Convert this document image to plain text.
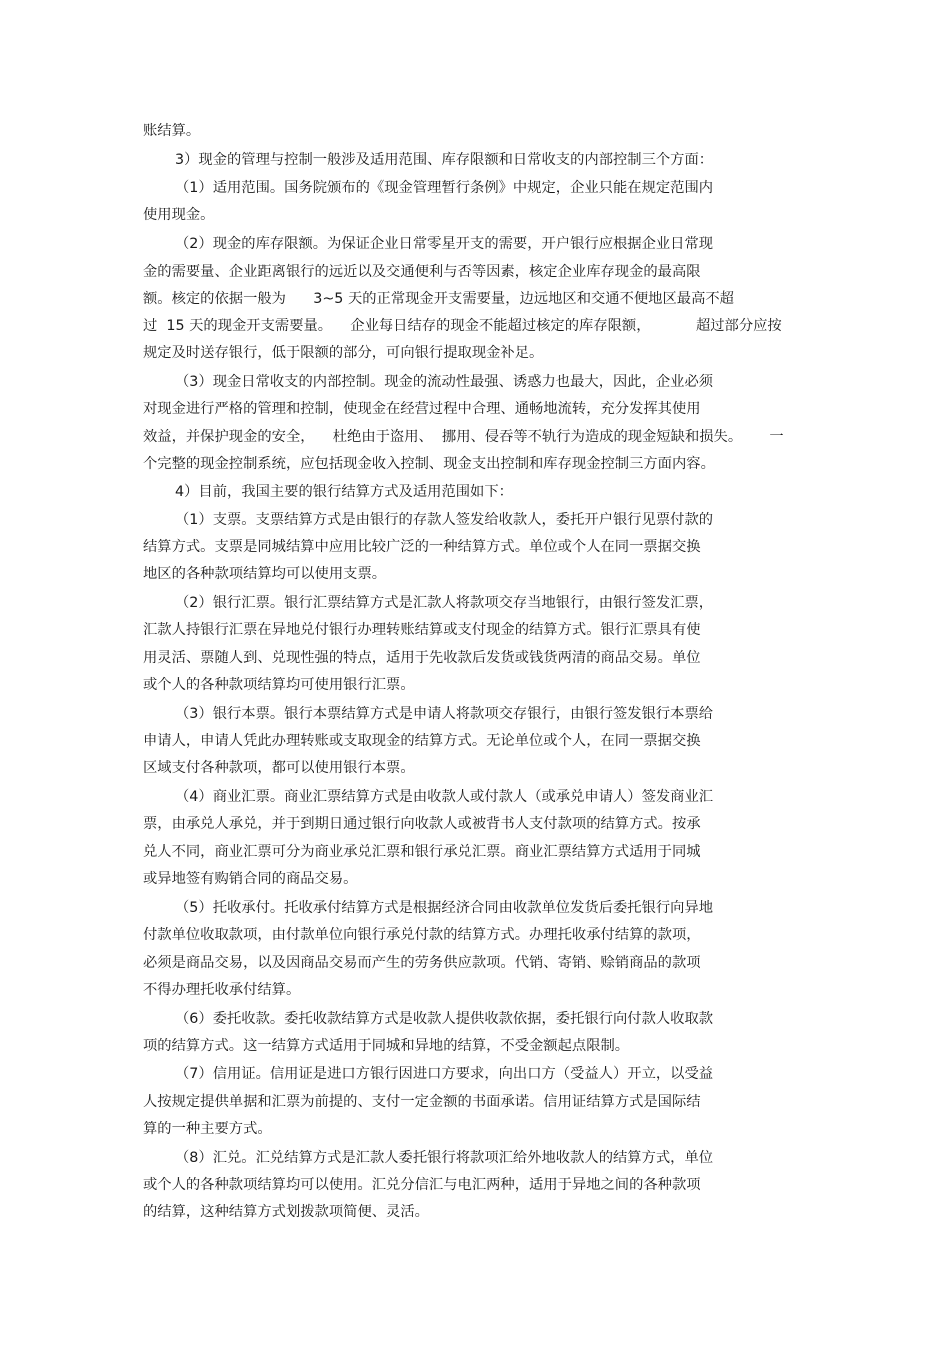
账结算。
3）现金的管理与控制一般涉及适用范围、库存限额和日常收支的内部控制三个方面：
（1）适用范围。国务院颁布的《现金管理暂行条例》中规定，企业只能在规定范围内
使用现金。
（2）现金的库存限额。为保证企业日常零星开支的需要，开户银行应根据企业日常现
金的需要量、企业距离银行的远近以及交通便利与否等因素，核定企业库存现金的最高限
额。核定的依据一般为      3~5 天的正常现金开支需要量，边远地区和交通不便地区最高不超
过  15 天的现金开支需要量。    企业每日结存的现金不能超过核定的库存限额，          超过部分应按
规定及时送存银行，低于限额的部分，可向银行提取现金补足。
（3）现金日常收支的内部控制。现金的流动性最强、诱惑力也最大，因此，企业必须
对现金进行严格的管理和控制，使现金在经营过程中合理、通畅地流转，充分发挥其使用
效益，并保护现金的安全，    杜绝由于盗用、  挪用、侵吞等不轨行为造成的现金短缺和损失。      一
个完整的现金控制系统，应包括现金收入控制、现金支出控制和库存现金控制三方面内容。
4）目前，我国主要的银行结算方式及适用范围如下：
（1）支票。支票结算方式是由银行的存款人签发给收款人，委托开户银行见票付款的
结算方式。支票是同城结算中应用比较广泛的一种结算方式。单位或个人在同一票据交换
地区的各种款项结算均可以使用支票。
（2）银行汇票。银行汇票结算方式是汇款人将款项交存当地银行，由银行签发汇票，
汇款人持银行汇票在异地兑付银行办理转账结算或支付现金的结算方式。银行汇票具有使
用灵活、票随人到、兑现性强的特点，适用于先收款后发货或钱货两清的商品交易。单位
或个人的各种款项结算均可使用银行汇票。
（3）银行本票。银行本票结算方式是申请人将款项交存银行，由银行签发银行本票给
申请人，申请人凭此办理转账或支取现金的结算方式。无论单位或个人，在同一票据交换
区域支付各种款项，都可以使用银行本票。
（4）商业汇票。商业汇票结算方式是由收款人或付款人（或承兑申请人）签发商业汇
票，由承兑人承兑，并于到期日通过银行向收款人或被背书人支付款项的结算方式。按承
兑人不同，商业汇票可分为商业承兑汇票和银行承兑汇票。商业汇票结算方式适用于同城
或异地签有购销合同的商品交易。
（5）托收承付。托收承付结算方式是根据经济合同由收款单位发货后委托银行向异地
付款单位收取款项，由付款单位向银行承兑付款的结算方式。办理托收承付结算的款项，
必须是商品交易，以及因商品交易而产生的劳务供应款项。代销、寄销、赊销商品的款项
不得办理托收承付结算。
（6）委托收款。委托收款结算方式是收款人提供收款依据，委托银行向付款人收取款
项的结算方式。这一结算方式适用于同城和异地的结算，不受金额起点限制。
（7）信用证。信用证是进口方银行因进口方要求，向出口方（受益人）开立，以受益
人按规定提供单据和汇票为前提的、支付一定金额的书面承诺。信用证结算方式是国际结
算的一种主要方式。
（8）汇兑。汇兑结算方式是汇款人委托银行将款项汇给外地收款人的结算方式，单位
或个人的各种款项结算均可以使用。汇兑分信汇与电汇两种，适用于异地之间的各种款项
的结算，这种结算方式划拨款项简便、灵活。
